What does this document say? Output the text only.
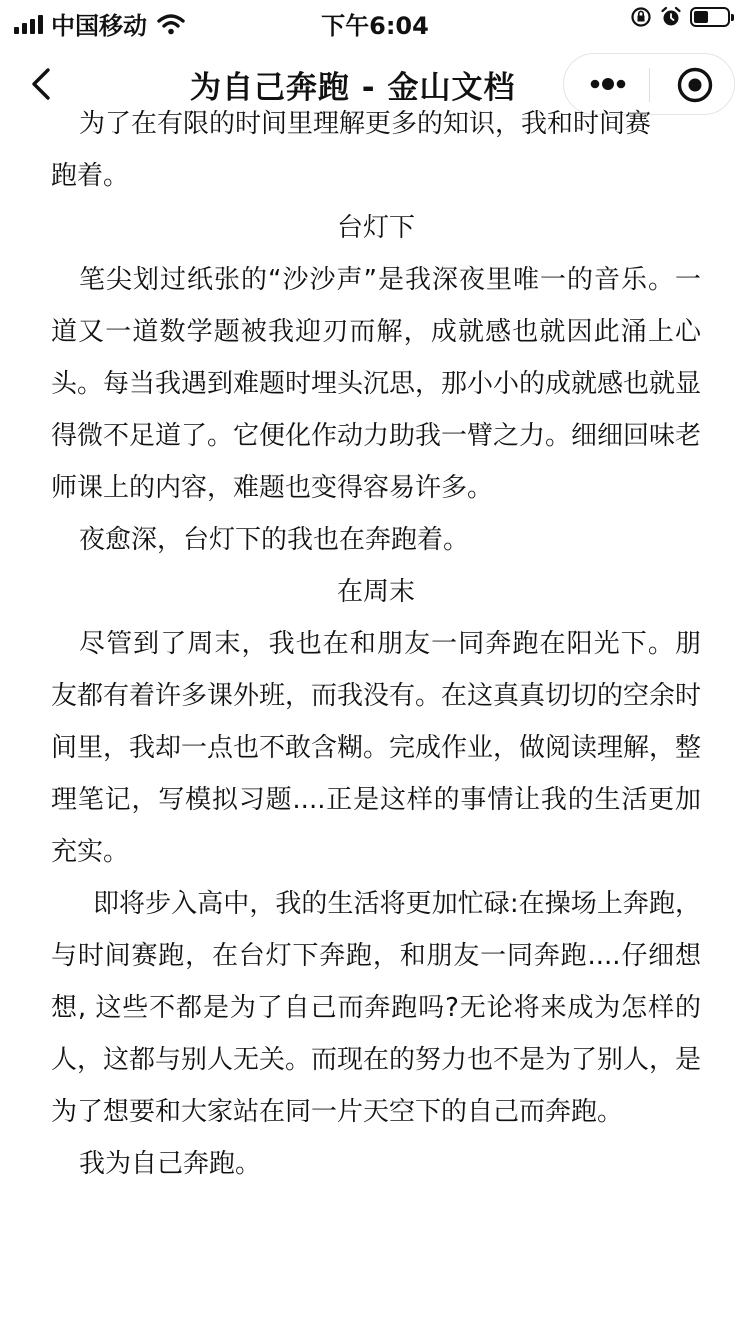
中国移动	下午6:04
为自己奔跑 - 金山文档

为了在有限的时间里理解更多的知识，我和时间赛

跑着。

台灯下

笔尖划过纸张的“沙沙声”是我深夜里唯一的音乐。一道又一道数学题被我迎刃而解，成就感也就因此涌上心头。每当我遇到难题时埋头沉思，那小小的成就感也就显得微不足道了。它便化作动力助我一臂之力。细细回味老师课上的内容，难题也变得容易许多。

夜愈深，台灯下的我也在奔跑着。

在周末

尽管到了周末，我也在和朋友一同奔跑在阳光下。朋友都有着许多课外班，而我没有。在这真真切切的空余时间里，我却一点也不敢含糊。完成作业，做阅读理解，整理笔记，写模拟习题....正是这样的事情让我的生活更加充实。

即将步入高中，我的生活将更加忙碌:在操场上奔跑，与时间赛跑，在台灯下奔跑，和朋友一同奔跑....仔细想想, 这些不都是为了自己而奔跑吗?无论将来成为怎样的人，这都与别人无关。而现在的努力也不是为了别人，是为了想要和大家站在同一片天空下的自己而奔跑。

我为自己奔跑。
